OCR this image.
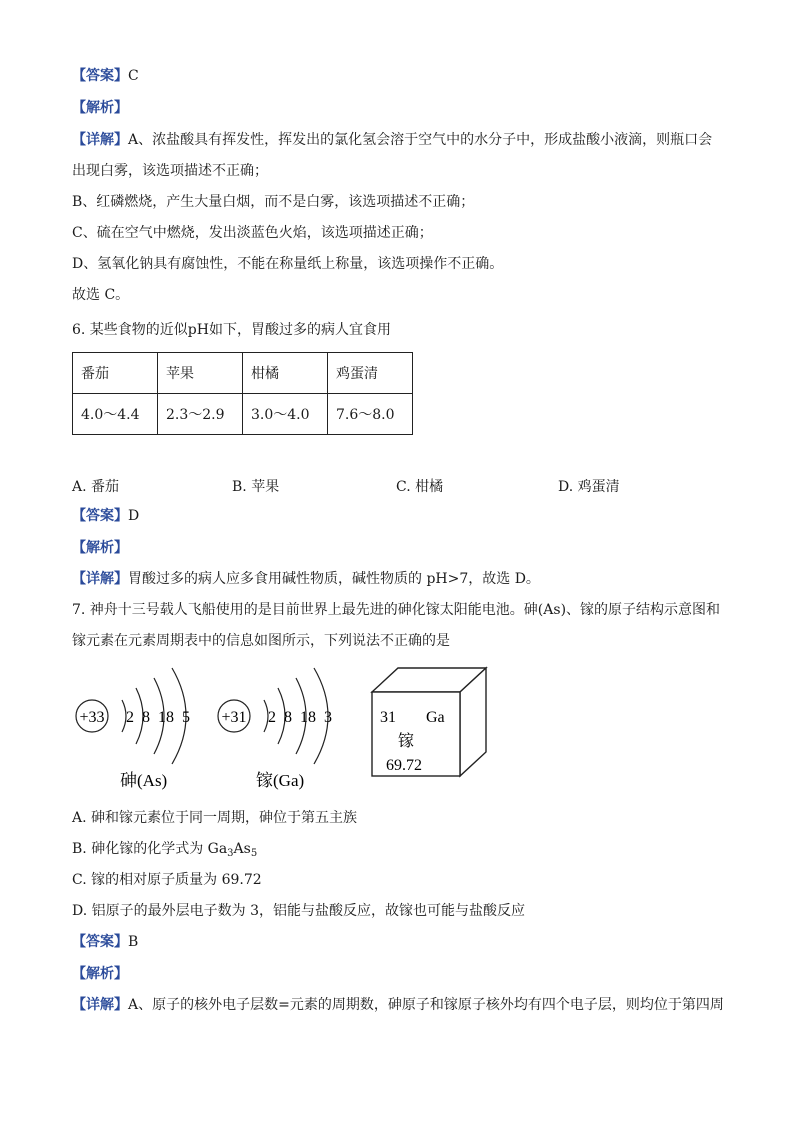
【答案】C
【解析】
【详解】A、浓盐酸具有挥发性，挥发出的氯化氢会溶于空气中的水分子中，形成盐酸小液滴，则瓶口会
出现白雾，该选项描述不正确；
B、红磷燃烧，产生大量白烟，而不是白雾，该选项描述不正确；
C、硫在空气中燃烧，发出淡蓝色火焰，该选项描述正确；
D、氢氧化钠具有腐蚀性，不能在称量纸上称量，该选项操作不正确。
故选 C。
6. 某些食物的近似pH如下，胃酸过多的病人宜食用
番茄	苹果	柑橘	鸡蛋清
4.0～4.4	2.3～2.9	3.0～4.0	7.6～8.0
A. 番茄	B. 苹果	C. 柑橘	D. 鸡蛋清
【答案】D
【解析】
【详解】胃酸过多的病人应多食用碱性物质，碱性物质的 pH>7，故选 D。
7. 神舟十三号载人飞船使用的是目前世界上最先进的砷化镓太阳能电池。砷(As)、镓的原子结构示意图和
镓元素在元素周期表中的信息如图所示，下列说法不正确的是
+33 2 8 18 5
砷(As)
+31 2 8 18 3
镓(Ga)
31 Ga
镓
69.72
A. 砷和镓元素位于同一周期，砷位于第五主族
B. 砷化镓的化学式为 $Ga_3As_5$
C. 镓的相对原子质量为 69.72
D. 铝原子的最外层电子数为 3，铝能与盐酸反应，故镓也可能与盐酸反应
【答案】B
【解析】
【详解】A、原子的核外电子层数=元素的周期数，砷原子和镓原子核外均有四个电子层，则均位于第四周
